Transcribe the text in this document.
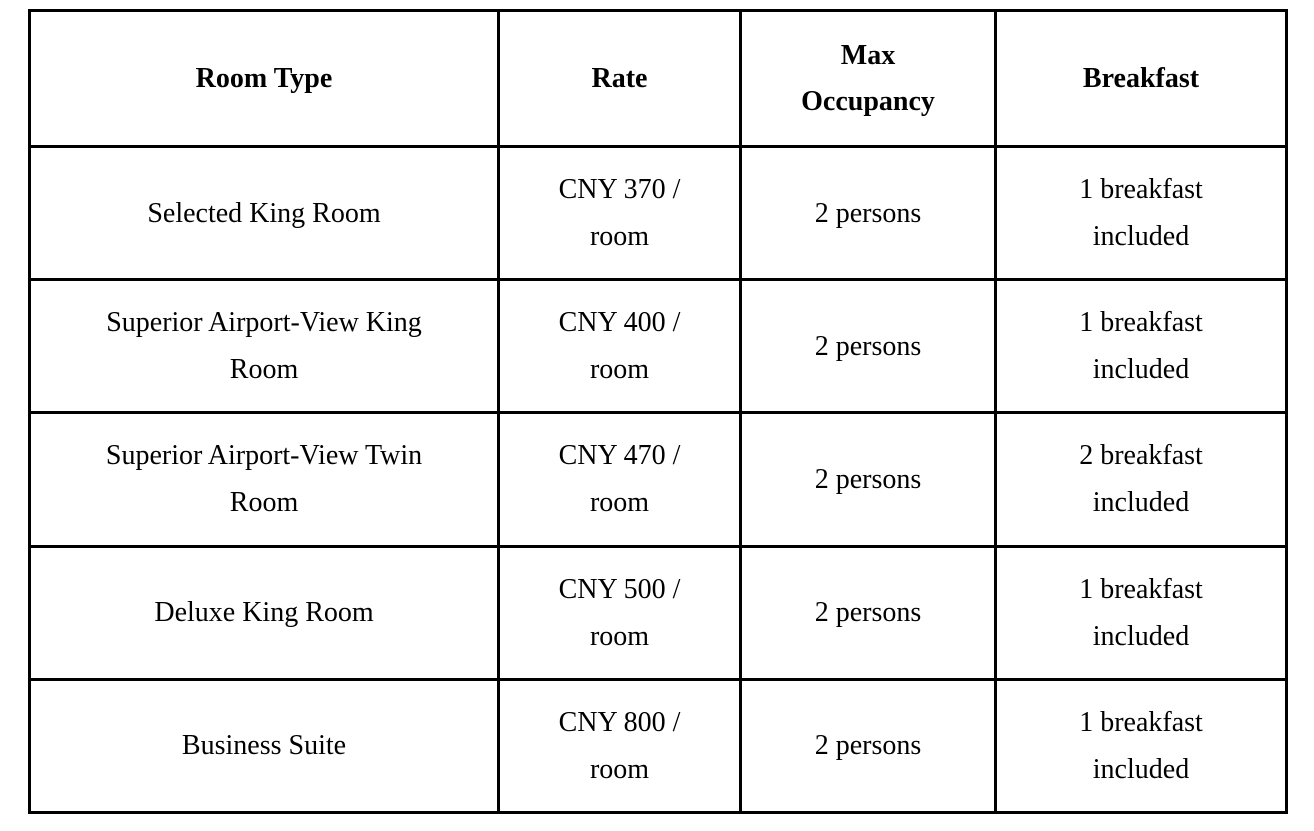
Room Type	Rate	Max Occupancy	Breakfast
Selected King Room	CNY 370 / room	2 persons	1 breakfast included
Superior Airport-View King Room	CNY 400 / room	2 persons	1 breakfast included
Superior Airport-View Twin Room	CNY 470 / room	2 persons	2 breakfast included
Deluxe King Room	CNY 500 / room	2 persons	1 breakfast included
Business Suite	CNY 800 / room	2 persons	1 breakfast included
